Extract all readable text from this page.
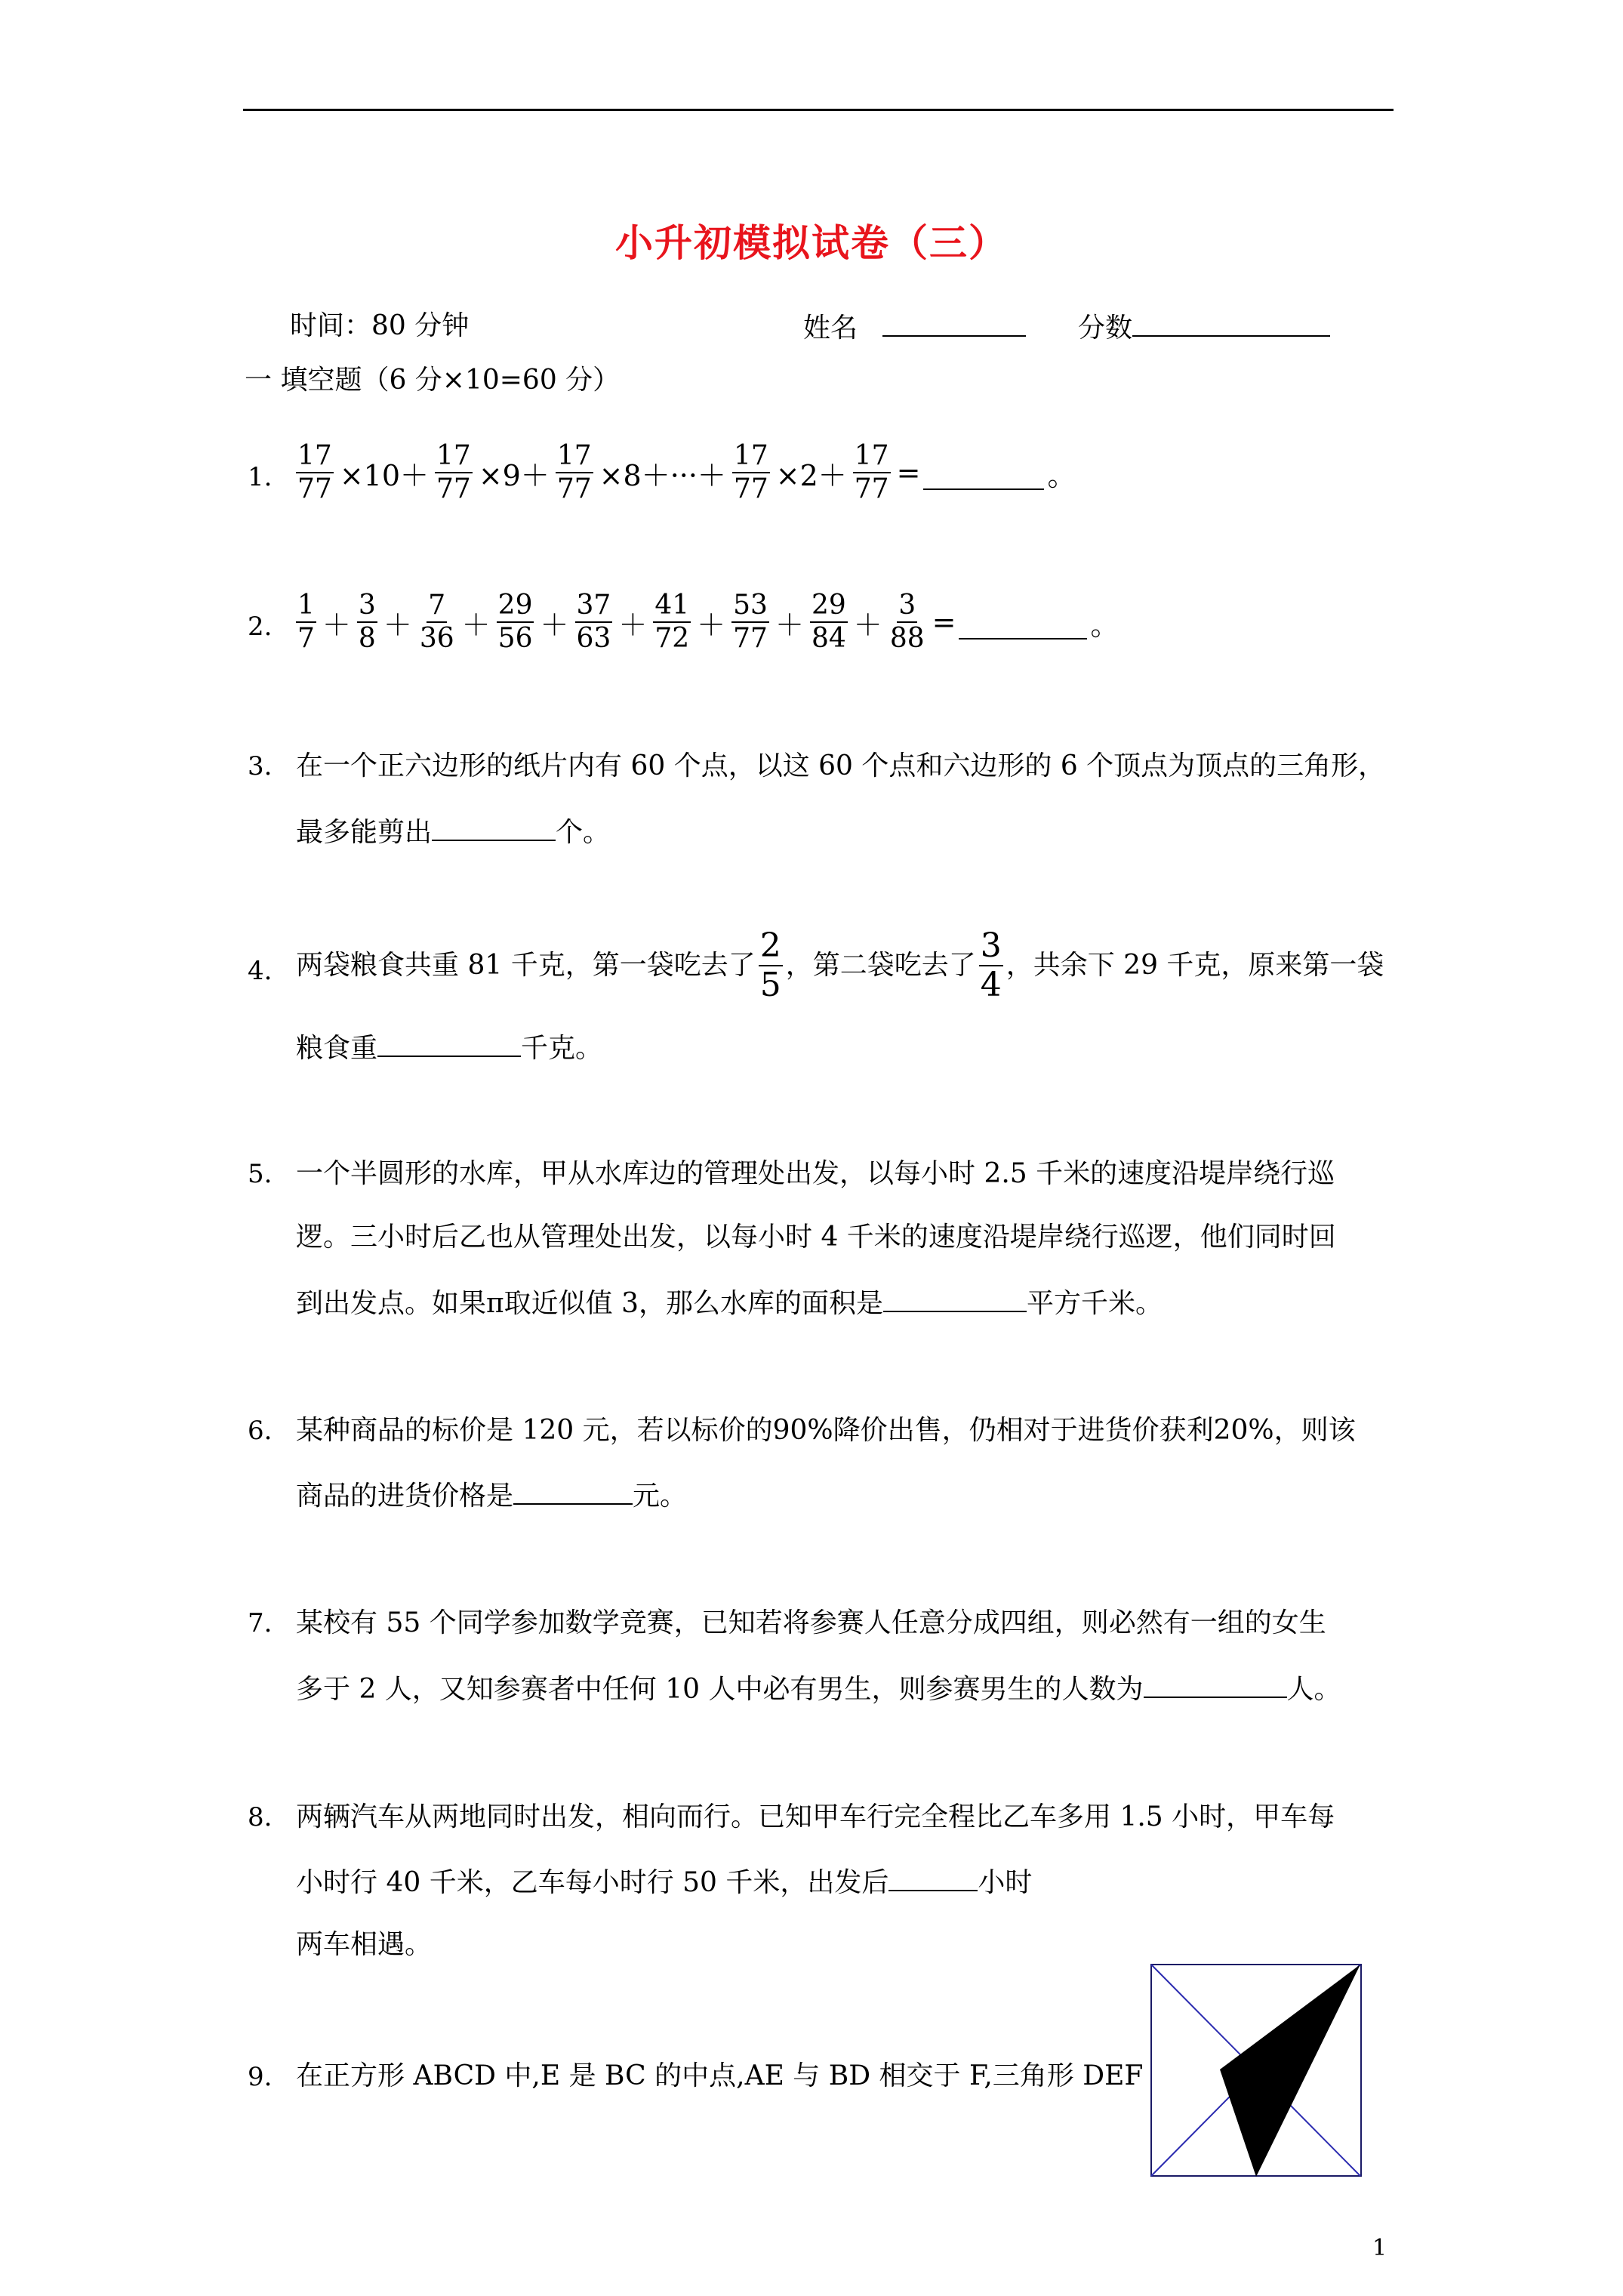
小升初模拟试卷（三）
时间：80 分钟	姓名	分数
一 填空题（6 分×10=60 分）
1. $\frac{17}{77} \times 10+ \frac{17}{77} \times 9+ \frac{17}{77} \times 8+\cdot\cdot\cdot+ \frac{17}{77} \times 2+ \frac{17}{77}$ =	。
2. $\frac{1}{7} + \frac{3}{8} + \frac{7}{36} + \frac{29}{56} + \frac{37}{63} + \frac{41}{72} + \frac{53}{77} + \frac{29}{84} + \frac{3}{88}$ =	。
3. 在一个正六边形的纸片内有 60 个点，以这 60 个点和六边形的 6 个顶点为顶点的三角形，
最多能剪出	个。
4. 两袋粮食共重 81 千克，第一袋吃去了 $\frac{2}{5}$ ，第二袋吃去了 $\frac{3}{4}$ ，共余下 29 千克，原来第一袋
粮食重	千克。
5. 一个半圆形的水库，甲从水库边的管理处出发，以每小时 2.5 千米的速度沿堤岸绕行巡
逻。三小时后乙也从管理处出发，以每小时 4 千米的速度沿堤岸绕行巡逻，他们同时回
到出发点。如果π取近似值 3，那么水库的面积是	平方千米。
6. 某种商品的标价是 120 元，若以标价的90%降价出售，仍相对于进货价获利20%，则该
商品的进货价格是	元。
7. 某校有 55 个同学参加数学竞赛，已知若将参赛人任意分成四组，则必然有一组的女生
多于 2 人，又知参赛者中任何 10 人中必有男生，则参赛男生的人数为	人。
8. 两辆汽车从两地同时出发，相向而行。已知甲车行完全程比乙车多用 1.5 小时，甲车每
小时行 40 千米，乙车每小时行 50 千米，出发后	小时
两车相遇。
9. 在正方形 ABCD 中,E 是 BC 的中点,AE 与 BD 相交于 F,三角形 DEF
1
